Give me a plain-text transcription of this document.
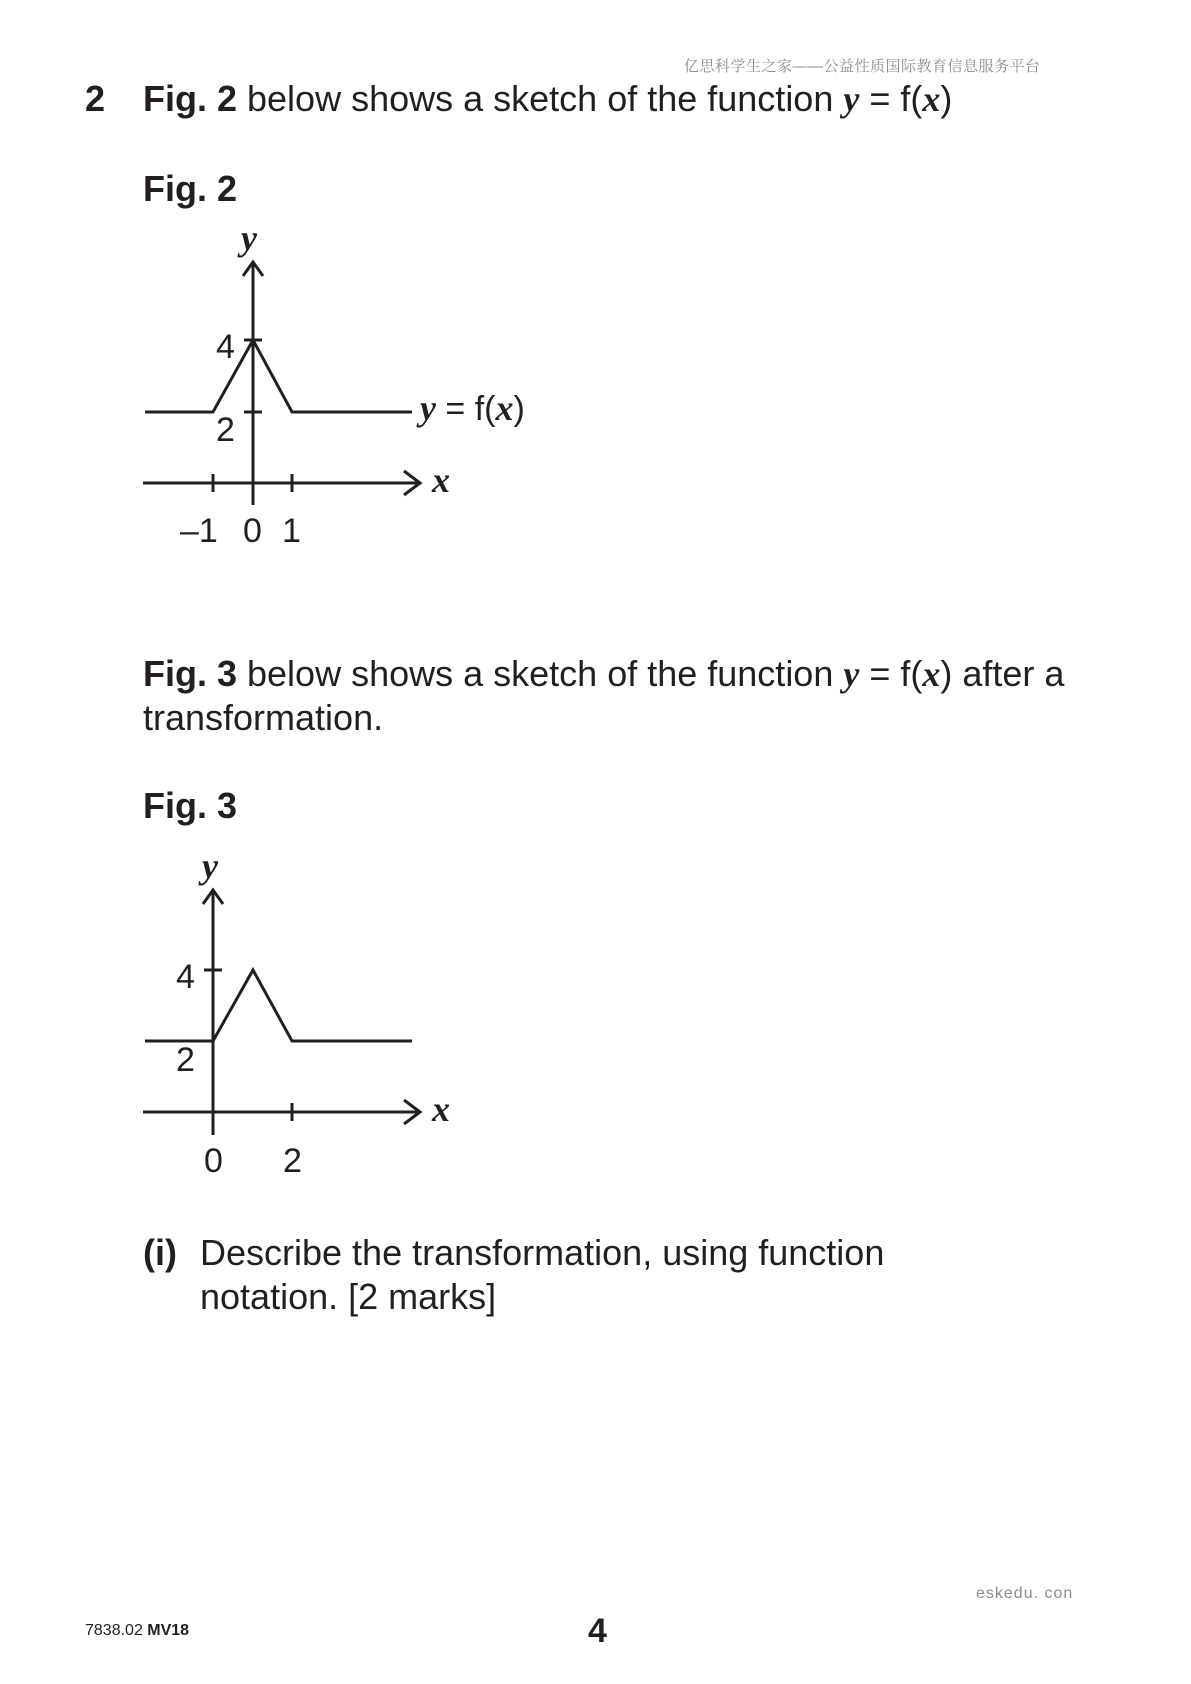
亿思科学生之家——公益性质国际教育信息服务平台
2 Fig. 2 below shows a sketch of the function y = f(x)
Fig. 2
y
x
4
2
–1 0 1
y = f(x)
Fig. 3 below shows a sketch of the function y = f(x) after a
transformation.
Fig. 3
y
x
4
2
0 2
(i) Describe the transformation, using function
notation. [2 marks]
eskedu. con
7838.02 MV18	4
